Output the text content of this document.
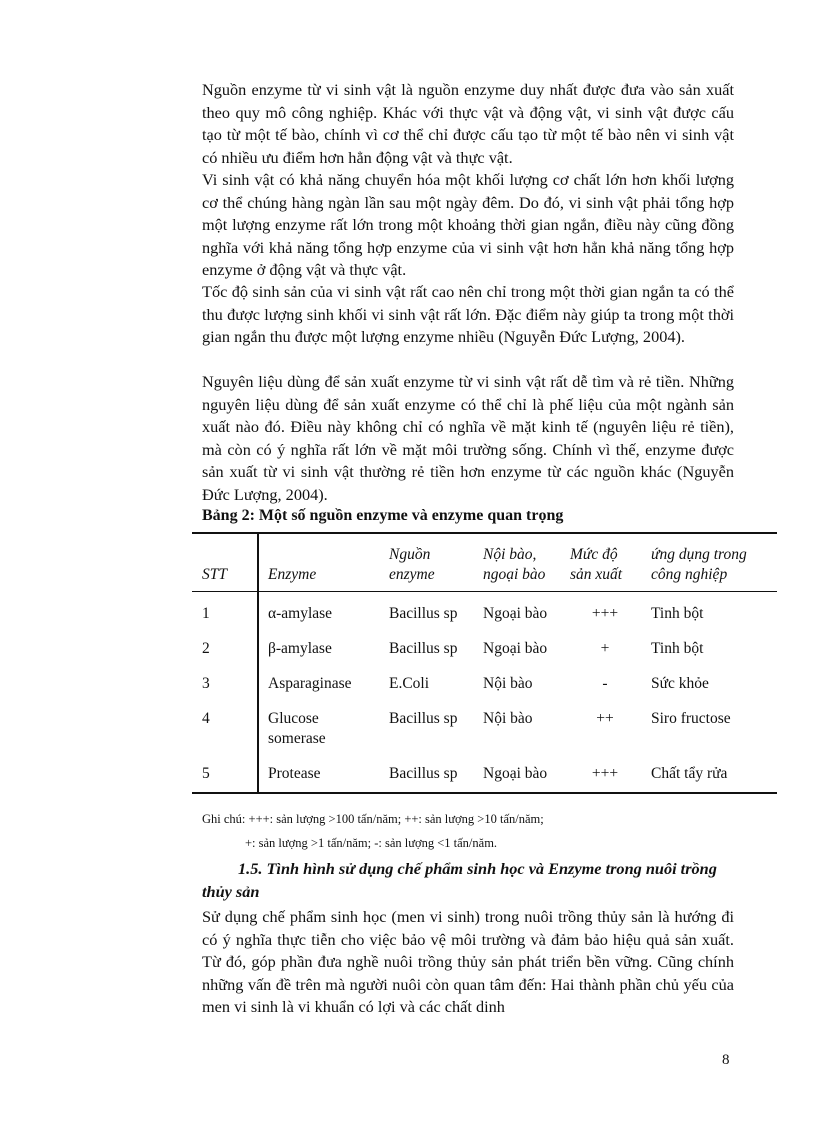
Nguồn enzyme từ vi sinh vật là nguồn enzyme duy nhất được đưa vào sản xuất theo quy mô công nghiệp. Khác với thực vật và động vật, vi sinh vật được cấu tạo từ một tế bào, chính vì cơ thể chỉ được cấu tạo từ một tế bào nên vi sinh vật có nhiều ưu điểm hơn hẳn động vật và thực vật.

Vi sinh vật có khả năng chuyển hóa một khối lượng cơ chất lớn hơn khối lượng cơ thể chúng hàng ngàn lần sau một ngày đêm. Do đó, vi sinh vật phải tổng hợp một lượng enzyme rất lớn trong một khoảng thời gian ngắn, điều này cũng đồng nghĩa với khả năng tổng hợp enzyme của vi sinh vật hơn hẳn khả năng tổng hợp enzyme ở động vật và thực vật.

Tốc độ sinh sản của vi sinh vật rất cao nên chỉ trong một thời gian ngắn ta có thể thu được lượng sinh khối vi sinh vật rất lớn. Đặc điểm này giúp ta trong một thời gian ngắn thu được một lượng enzyme nhiều (Nguyễn Đức Lượng, 2004).

Nguyên liệu dùng để sản xuất enzyme từ vi sinh vật rất dễ tìm và rẻ tiền. Những nguyên liệu dùng để sản xuất enzyme có thể chỉ là phế liệu của một ngành sản xuất nào đó. Điều này không chỉ có nghĩa về mặt kinh tế (nguyên liệu rẻ tiền), mà còn có ý nghĩa rất lớn về mặt môi trường sống. Chính vì thế, enzyme được sản xuất từ vi sinh vật thường rẻ tiền hơn enzyme từ các nguồn khác (Nguyễn Đức Lượng, 2004).

Bảng 2: Một số nguồn enzyme và enzyme quan trọng

STT	Enzyme	Nguồn enzyme	Nội bào, ngoại bào	Mức độ sản xuất	ứng dụng trong công nghiệp
1	α-amylase	Bacillus sp	Ngoại bào	+++	Tinh bột
2	β-amylase	Bacillus sp	Ngoại bào	+	Tinh bột
3	Asparaginase	E.Coli	Nội bào	-	Sức khỏe
4	Glucose somerase	Bacillus sp	Nội bào	++	Siro fructose
5	Protease	Bacillus sp	Ngoại bào	+++	Chất tẩy rửa

Ghi chú: +++: sản lượng >100 tấn/năm; ++: sản lượng >10 tấn/năm;

+: sản lượng >1 tấn/năm; -: sản lượng <1 tấn/năm.

1.5. Tình hình sử dụng chế phẩm sinh học và Enzyme trong nuôi trồng thủy sản

Sử dụng chế phẩm sinh học (men vi sinh) trong nuôi trồng thủy sản là hướng đi có ý nghĩa thực tiễn cho việc bảo vệ môi trường và đảm bảo hiệu quả sản xuất. Từ đó, góp phần đưa nghề nuôi trồng thủy sản phát triển bền vững. Cũng chính những vấn đề trên mà người nuôi còn quan tâm đến: Hai thành phần chủ yếu của men vi sinh là vi khuẩn có lợi và các chất dinh

8
